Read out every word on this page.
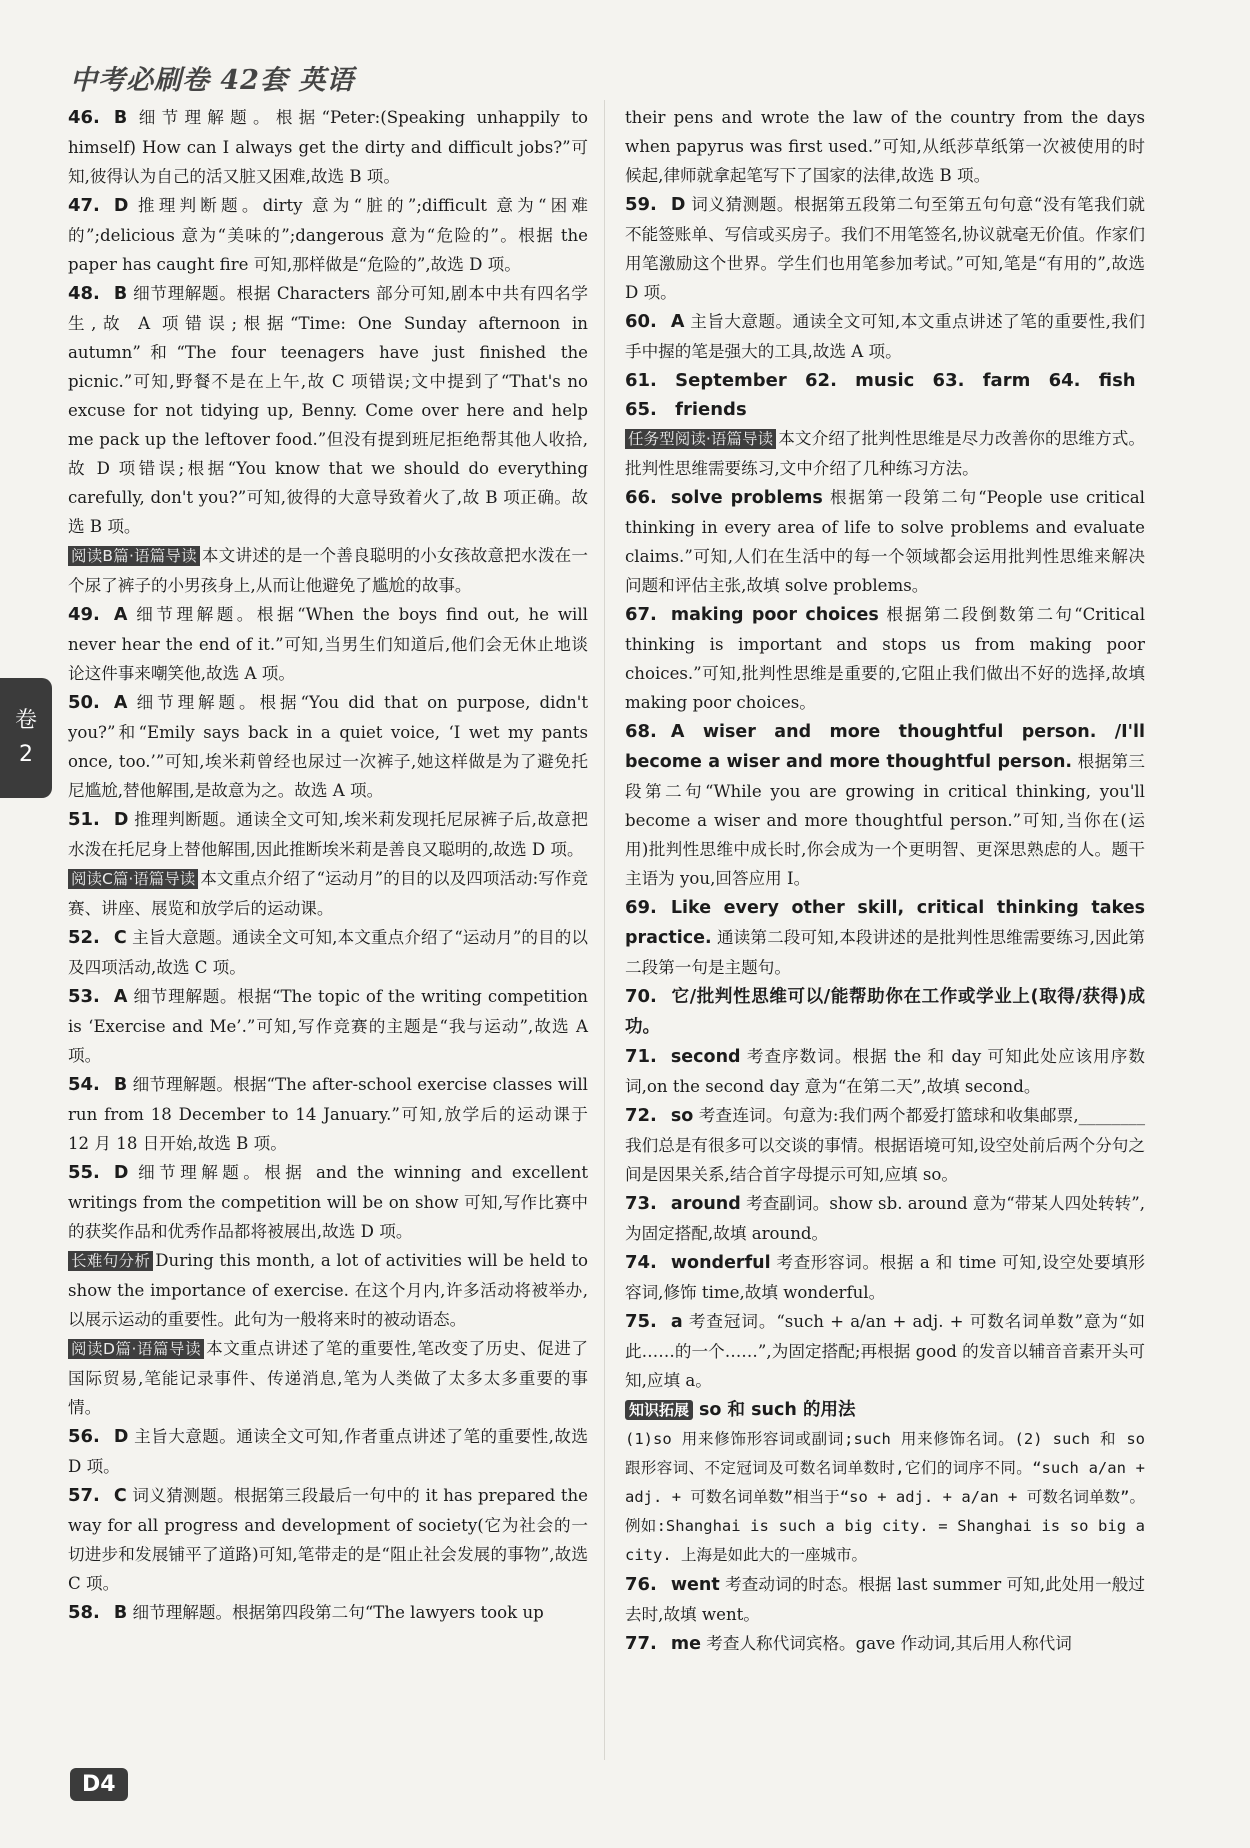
中考必刷卷 42套 英语
卷
2
46. B 细节理解题。根据“Peter:(Speaking unhappily to himself) How can I always get the dirty and difficult jobs?”可知,彼得认为自己的活又脏又困难,故选 B 项。
47. D 推理判断题。dirty 意为“脏的”;difficult 意为“困难的”;delicious 意为“美味的”;dangerous 意为“危险的”。根据 the paper has caught fire 可知,那样做是“危险的”,故选 D 项。
48. B 细节理解题。根据 Characters 部分可知,剧本中共有四名学生,故 A 项错误;根据“Time: One Sunday afternoon in autumn”和“The four teenagers have just finished the picnic.”可知,野餐不是在上午,故 C 项错误;文中提到了“That's no excuse for not tidying up, Benny. Come over here and help me pack up the leftover food.”但没有提到班尼拒绝帮其他人收拾,故 D 项错误;根据“You know that we should do everything carefully, don't you?”可知,彼得的大意导致着火了,故 B 项正确。故选 B 项。
阅读B篇·语篇导读 本文讲述的是一个善良聪明的小女孩故意把水泼在一个尿了裤子的小男孩身上,从而让他避免了尴尬的故事。
49. A 细节理解题。根据“When the boys find out, he will never hear the end of it.”可知,当男生们知道后,他们会无休止地谈论这件事来嘲笑他,故选 A 项。
50. A 细节理解题。根据“You did that on purpose, didn't you?”和“Emily says back in a quiet voice, ‘I wet my pants once, too.’”可知,埃米莉曾经也尿过一次裤子,她这样做是为了避免托尼尴尬,替他解围,是故意为之。故选 A 项。
51. D 推理判断题。通读全文可知,埃米莉发现托尼尿裤子后,故意把水泼在托尼身上替他解围,因此推断埃米莉是善良又聪明的,故选 D 项。
阅读C篇·语篇导读 本文重点介绍了“运动月”的目的以及四项活动:写作竞赛、讲座、展览和放学后的运动课。
52. C 主旨大意题。通读全文可知,本文重点介绍了“运动月”的目的以及四项活动,故选 C 项。
53. A 细节理解题。根据“The topic of the writing competition is ‘Exercise and Me’.”可知,写作竞赛的主题是“我与运动”,故选 A 项。
54. B 细节理解题。根据“The after-school exercise classes will run from 18 December to 14 January.”可知,放学后的运动课于 12 月 18 日开始,故选 B 项。
55. D 细节理解题。根据 and the winning and excellent writings from the competition will be on show 可知,写作比赛中的获奖作品和优秀作品都将被展出,故选 D 项。
长难句分析 During this month, a lot of activities will be held to show the importance of exercise. 在这个月内,许多活动将被举办,以展示运动的重要性。此句为一般将来时的被动语态。
阅读D篇·语篇导读 本文重点讲述了笔的重要性,笔改变了历史、促进了国际贸易,笔能记录事件、传递消息,笔为人类做了太多太多重要的事情。
56. D 主旨大意题。通读全文可知,作者重点讲述了笔的重要性,故选 D 项。
57. C 词义猜测题。根据第三段最后一句中的 it has prepared the way for all progress and development of society(它为社会的一切进步和发展铺平了道路)可知,笔带走的是“阻止社会发展的事物”,故选 C 项。
58. B 细节理解题。根据第四段第二句“The lawyers took up
their pens and wrote the law of the country from the days when papyrus was first used.”可知,从纸莎草纸第一次被使用的时候起,律师就拿起笔写下了国家的法律,故选 B 项。
59. D 词义猜测题。根据第五段第二句至第五句句意“没有笔我们就不能签账单、写信或买房子。我们不用笔签名,协议就毫无价值。作家们用笔激励这个世界。学生们也用笔参加考试。”可知,笔是“有用的”,故选 D 项。
60. A 主旨大意题。通读全文可知,本文重点讲述了笔的重要性,我们手中握的笔是强大的工具,故选 A 项。
61. September 62. music 63. farm 64. fish
65. friends
任务型阅读·语篇导读 本文介绍了批判性思维是尽力改善你的思维方式。批判性思维需要练习,文中介绍了几种练习方法。
66. solve problems 根据第一段第二句“People use critical thinking in every area of life to solve problems and evaluate claims.”可知,人们在生活中的每一个领域都会运用批判性思维来解决问题和评估主张,故填 solve problems。
67. making poor choices 根据第二段倒数第二句“Critical thinking is important and stops us from making poor choices.”可知,批判性思维是重要的,它阻止我们做出不好的选择,故填 making poor choices。
68. A wiser and more thoughtful person. /I'll become a wiser and more thoughtful person. 根据第三段第二句“While you are growing in critical thinking, you'll become a wiser and more thoughtful person.”可知,当你在(运用)批判性思维中成长时,你会成为一个更明智、更深思熟虑的人。题干主语为 you,回答应用 I。
69. Like every other skill, critical thinking takes practice. 通读第二段可知,本段讲述的是批判性思维需要练习,因此第二段第一句是主题句。
70. 它/批判性思维可以/能帮助你在工作或学业上(取得/获得)成功。
71. second 考查序数词。根据 the 和 day 可知此处应该用序数词,on the second day 意为“在第二天”,故填 second。
72. so 考查连词。句意为:我们两个都爱打篮球和收集邮票,________我们总是有很多可以交谈的事情。根据语境可知,设空处前后两个分句之间是因果关系,结合首字母提示可知,应填 so。
73. around 考查副词。show sb. around 意为“带某人四处转转”,为固定搭配,故填 around。
74. wonderful 考查形容词。根据 a 和 time 可知,设空处要填形容词,修饰 time,故填 wonderful。
75. a 考查冠词。“such + a/an + adj. + 可数名词单数”意为“如此……的一个……”,为固定搭配;再根据 good 的发音以辅音音素开头可知,应填 a。
知识拓展 so 和 such 的用法
(1)so 用来修饰形容词或副词;such 用来修饰名词。(2) such 和 so 跟形容词、不定冠词及可数名词单数时,它们的词序不同。“such a/an + adj. + 可数名词单数”相当于“so + adj. + a/an + 可数名词单数”。例如:Shanghai is such a big city. = Shanghai is so big a city. 上海是如此大的一座城市。
76. went 考查动词的时态。根据 last summer 可知,此处用一般过去时,故填 went。
77. me 考查人称代词宾格。gave 作动词,其后用人称代词
D4
